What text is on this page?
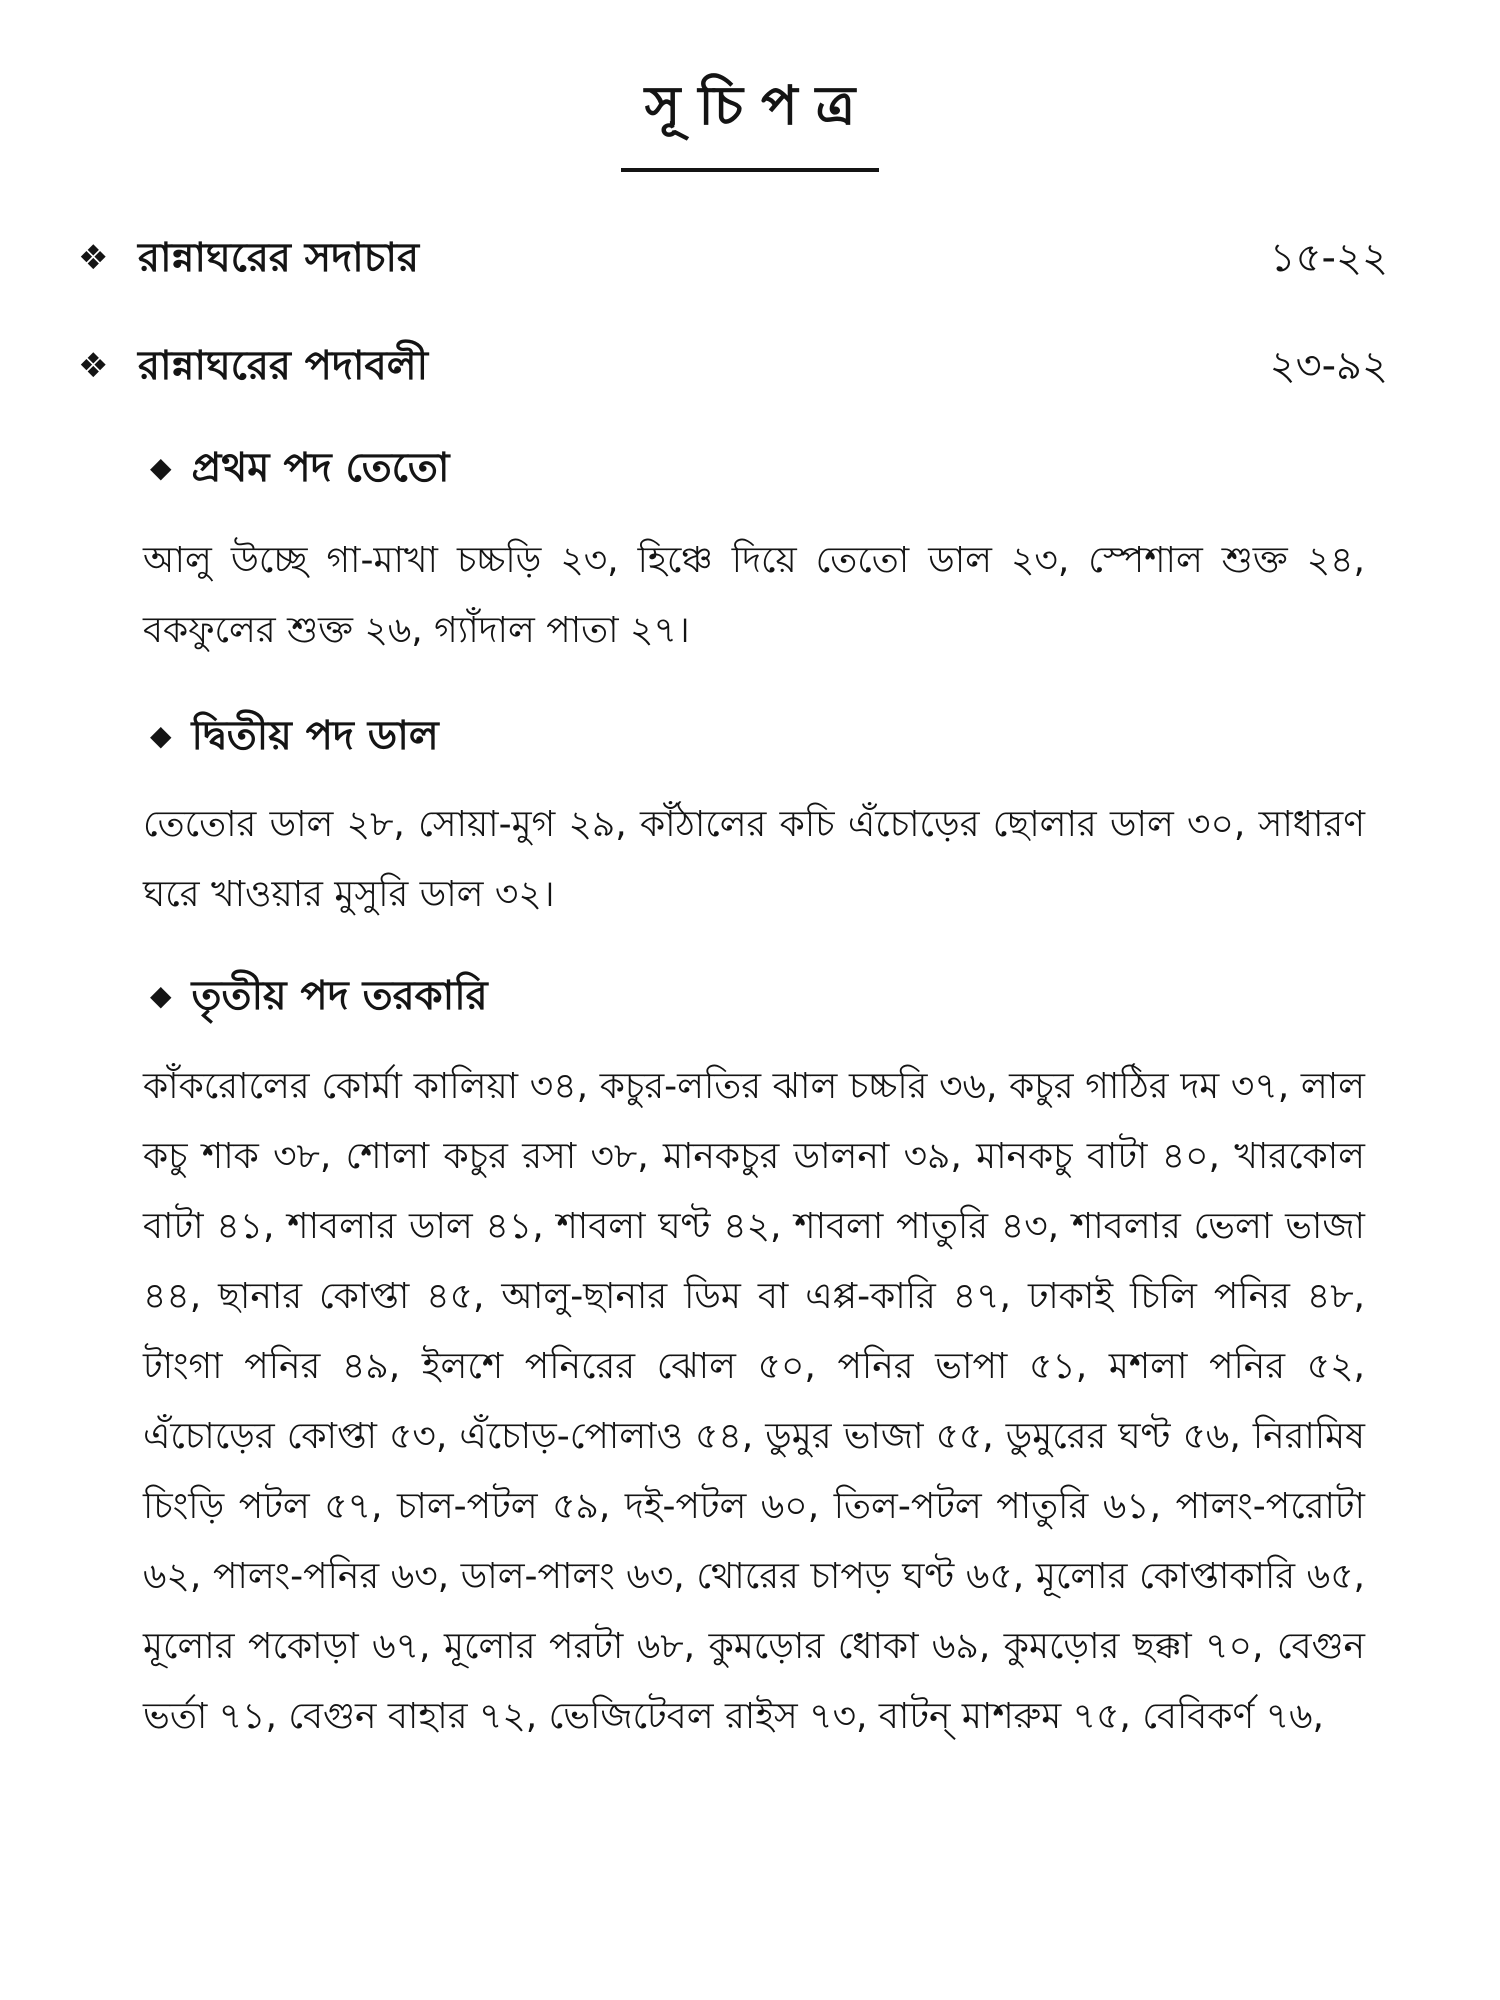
সূচিপত্র
❖ রান্নাঘরের সদাচার	১৫-২২
❖ রান্নাঘরের পদাবলী	২৩-৯২
◆ প্রথম পদ তেতো

আলু উচ্ছে গা-মাখা চচ্চড়ি ২৩, হিঞ্চে দিয়ে তেতো ডাল ২৩, স্পেশাল শুক্ত ২৪, বকফুলের শুক্ত ২৬, গ্যাঁদাল পাতা ২৭।

◆ দ্বিতীয় পদ ডাল

তেতোর ডাল ২৮, সোয়া-মুগ ২৯, কাঁঠালের কচি এঁচোড়ের ছোলার ডাল ৩০, সাধারণ ঘরে খাওয়ার মুসুরি ডাল ৩২।

◆ তৃতীয় পদ তরকারি

কাঁকরোলের কোর্মা কালিয়া ৩৪, কচুর-লতির ঝাল চচ্চরি ৩৬, কচুর গাঠির দম ৩৭, লাল কচু শাক ৩৮, শোলা কচুর রসা ৩৮, মানকচুর ডালনা ৩৯, মানকচু বাটা ৪০, খারকোল বাটা ৪১, শাবলার ডাল ৪১, শাবলা ঘণ্ট ৪২, শাবলা পাতুরি ৪৩, শাবলার ভেলা ভাজা ৪৪, ছানার কোপ্তা ৪৫, আলু-ছানার ডিম বা এপ্প-কারি ৪৭, ঢাকাই চিলি পনির ৪৮, টাংগা পনির ৪৯, ইলশে পনিরের ঝোল ৫০, পনির ভাপা ৫১, মশলা পনির ৫২, এঁচোড়ের কোপ্তা ৫৩, এঁচোড়-পোলাও ৫৪, ডুমুর ভাজা ৫৫, ডুমুরের ঘণ্ট ৫৬, নিরামিষ চিংড়ি পটল ৫৭, চাল-পটল ৫৯, দই-পটল ৬০, তিল-পটল পাতুরি ৬১, পালং-পরোটা ৬২, পালং-পনির ৬৩, ডাল-পালং ৬৩, থোরের চাপড় ঘণ্ট ৬৫, মূলোর কোপ্তাকারি ৬৫, মূলোর পকোড়া ৬৭, মূলোর পরটা ৬৮, কুমড়োর ধোকা ৬৯, কুমড়োর ছক্কা ৭০, বেগুন ভর্তা ৭১, বেগুন বাহার ৭২, ভেজিটেবল রাইস ৭৩, বাটন্ মাশরুম ৭৫, বেবিকর্ণ ৭৬,
